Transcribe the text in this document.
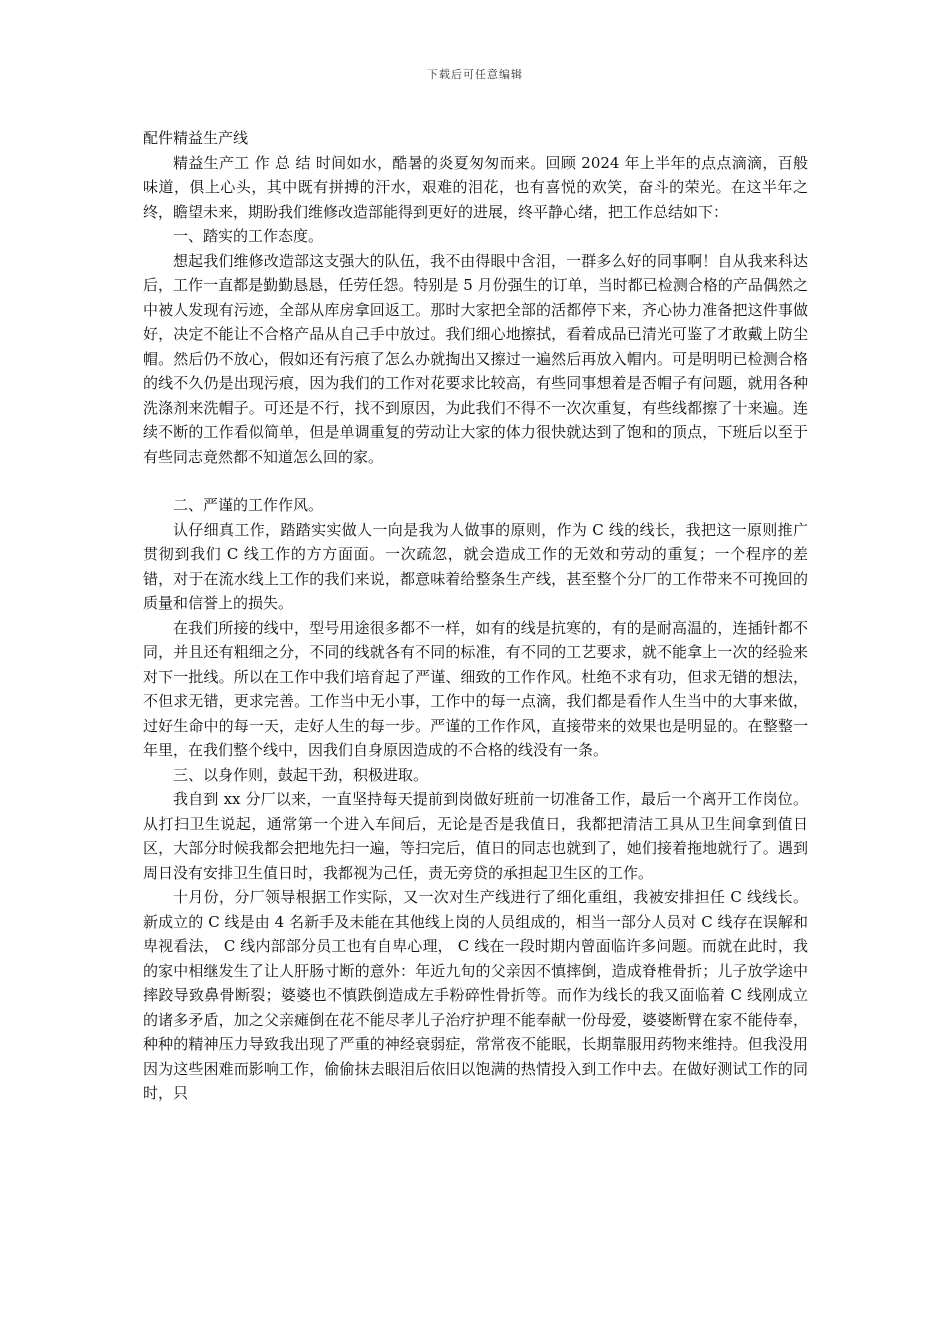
下载后可任意编辑

配件精益生产线

精益生产工 作 总 结 时间如水，酷暑的炎夏匆匆而来。回顾 2024 年上半年的点点滴滴，百般味道，俱上心头，其中既有拼搏的汗水，艰难的泪花，也有喜悦的欢笑，奋斗的荣光。在这半年之终，瞻望未来，期盼我们维修改造部能得到更好的进展，终平静心绪，把工作总结如下：

一、踏实的工作态度。

想起我们维修改造部这支强大的队伍，我不由得眼中含泪，一群多么好的同事啊！自从我来科达后，工作一直都是勤勤恳恳，任劳任怨。特别是 5 月份强生的订单，当时都已检测合格的产品偶然之中被人发现有污迹，全部从库房拿回返工。那时大家把全部的活都停下来，齐心协力准备把这件事做好，决定不能让不合格产品从自己手中放过。我们细心地擦拭，看着成品已清光可鉴了才敢戴上防尘帽。然后仍不放心，假如还有污痕了怎么办就掏出又擦过一遍然后再放入帽内。可是明明已检测合格的线不久仍是出现污痕，因为我们的工作对花要求比较高，有些同事想着是否帽子有问题，就用各种洗涤剂来洗帽子。可还是不行，找不到原因，为此我们不得不一次次重复，有些线都擦了十来遍。连续不断的工作看似简单，但是单调重复的劳动让大家的体力很快就达到了饱和的顶点，下班后以至于有些同志竟然都不知道怎么回的家。

二、严谨的工作作风。

认仔细真工作，踏踏实实做人一向是我为人做事的原则，作为 C 线的线长，我把这一原则推广贯彻到我们 C 线工作的方方面面。一次疏忽，就会造成工作的无效和劳动的重复；一个程序的差错，对于在流水线上工作的我们来说，都意味着给整条生产线，甚至整个分厂的工作带来不可挽回的质量和信誉上的损失。

在我们所接的线中，型号用途很多都不一样，如有的线是抗寒的，有的是耐高温的，连插针都不同，并且还有粗细之分，不同的线就各有不同的标准，有不同的工艺要求，就不能拿上一次的经验来对下一批线。所以在工作中我们培育起了严谨、细致的工作作风。杜绝不求有功，但求无错的想法，不但求无错，更求完善。工作当中无小事，工作中的每一点滴，我们都是看作人生当中的大事来做，过好生命中的每一天，走好人生的每一步。严谨的工作作风，直接带来的效果也是明显的。在整整一年里，在我们整个线中，因我们自身原因造成的不合格的线没有一条。

三、以身作则，鼓起干劲，积极进取。

我自到 xx 分厂以来，一直坚持每天提前到岗做好班前一切准备工作，最后一个离开工作岗位。从打扫卫生说起，通常第一个进入车间后，无论是否是我值日，我都把清洁工具从卫生间拿到值日区，大部分时候我都会把地先扫一遍，等扫完后，值日的同志也就到了，她们接着拖地就行了。遇到周日没有安排卫生值日时，我都视为己任，责无旁贷的承担起卫生区的工作。

十月份，分厂领导根据工作实际，又一次对生产线进行了细化重组，我被安排担任 C 线线长。新成立的 C 线是由 4 名新手及未能在其他线上岗的人员组成的，相当一部分人员对 C 线存在误解和卑视看法， C 线内部部分员工也有自卑心理， C 线在一段时期内曾面临许多问题。而就在此时，我的家中相继发生了让人肝肠寸断的意外：年近九旬的父亲因不慎摔倒，造成脊椎骨折；儿子放学途中摔跤导致鼻骨断裂；婆婆也不慎跌倒造成左手粉碎性骨折等。而作为线长的我又面临着 C 线刚成立的诸多矛盾，加之父亲瘫倒在花不能尽孝儿子治疗护理不能奉献一份母爱，婆婆断臂在家不能侍奉，种种的精神压力导致我出现了严重的神经衰弱症，常常夜不能眠，长期靠服用药物来维持。但我没用因为这些困难而影响工作，偷偷抹去眼泪后依旧以饱满的热情投入到工作中去。在做好测试工作的同时，只
